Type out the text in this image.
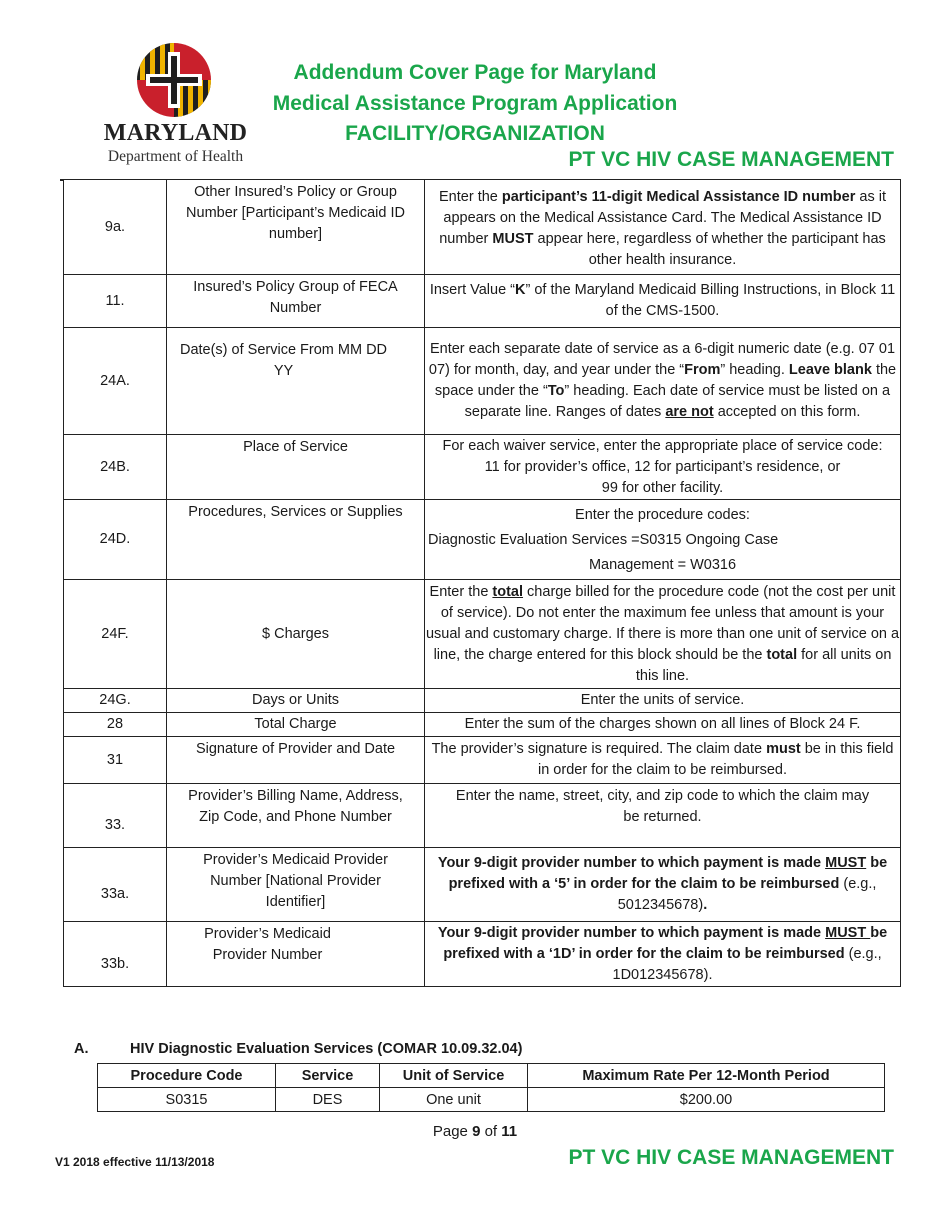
MARYLAND
Department of Health
Addendum Cover Page for Maryland
Medical Assistance Program Application
FACILITY/ORGANIZATION
PT VC HIV CASE MANAGEMENT
9a.	Other Insured’s Policy or Group Number [Participant’s Medicaid ID number]	Enter the participant’s 11-digit Medical Assistance ID number as it appears on the Medical Assistance Card. The Medical Assistance ID number MUST appear here, regardless of whether the participant has other health insurance.
11.	Insured’s Policy Group of FECA Number	Insert Value “K” of the Maryland Medicaid Billing Instructions, in Block 11 of the CMS-1500.
24A.	Date(s) of Service From MM DD YY	Enter each separate date of service as a 6-digit numeric date (e.g. 07 01 07) for month, day, and year under the “From” heading. Leave blank the space under the “To” heading. Each date of service must be listed on a separate line. Ranges of dates are not accepted on this form.
24B.	Place of Service	For each waiver service, enter the appropriate place of service code:
11 for provider’s office, 12 for participant’s residence, or
99 for other facility.

24D.	Procedures, Services or Supplies	Enter the procedure codes:
Diagnostic Evaluation Services =S0315 Ongoing Case
Management = W0316

24F.	$ Charges	Enter the total charge billed for the procedure code (not the cost per unit of service). Do not enter the maximum fee unless that amount is your usual and customary charge. If there is more than one unit of service on a line, the charge entered for this block should be the total for all units on this line.
24G.	Days or Units	Enter the units of service.
28	Total Charge	Enter the sum of the charges shown on all lines of Block 24 F.
31	Signature of Provider and Date	The provider’s signature is required. The claim date must be in this field in order for the claim to be reimbursed.
33.	Provider’s Billing Name, Address, Zip Code, and Phone Number	Enter the name, street, city, and zip code to which the claim may be returned.
33a.	Provider’s Medicaid Provider Number [National Provider Identifier]	Your 9-digit provider number to which payment is made MUST be prefixed with a ‘5’ in order for the claim to be reimbursed (e.g., 5012345678).
33b.	Provider’s Medicaid Provider Number	Your 9-digit provider number to which payment is made MUST be prefixed with a ‘1D’ in order for the claim to be reimbursed (e.g., 1D012345678).
A.	HIV Diagnostic Evaluation Services (COMAR 10.09.32.04)
Procedure Code	Service	Unit of Service	Maximum Rate Per 12-Month Period
S0315	DES	One unit	$200.00
Page 9 of 11
V1 2018 effective 11/13/2018	PT VC HIV CASE MANAGEMENT
